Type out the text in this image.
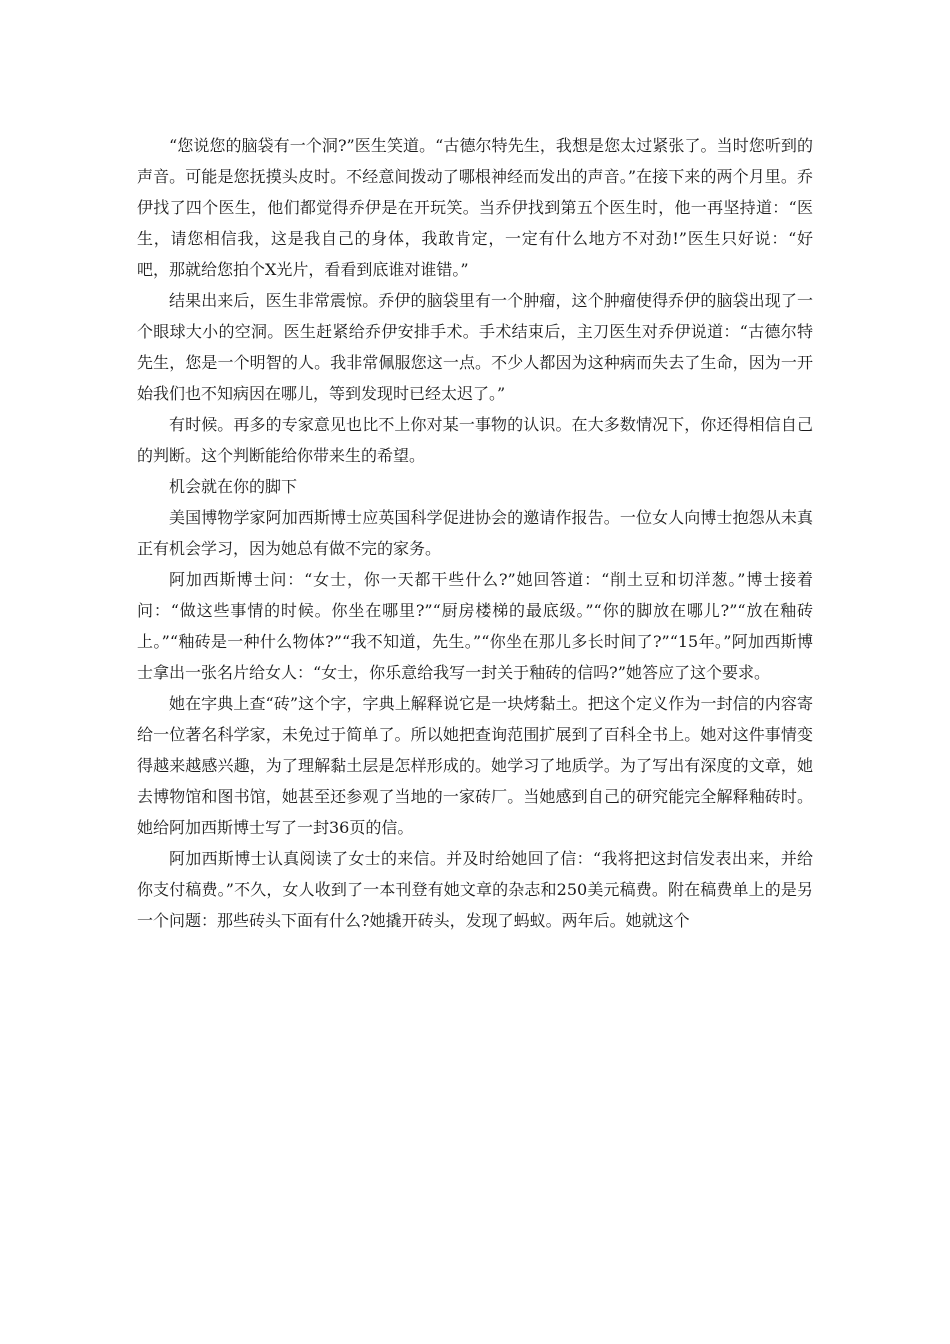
“您说您的脑袋有一个洞?”医生笑道。“古德尔特先生，我想是您太过紧张了。当时您听到的声音。可能是您抚摸头皮时。不经意间拨动了哪根神经而发出的声音。”在接下来的两个月里。乔伊找了四个医生，他们都觉得乔伊是在开玩笑。当乔伊找到第五个医生时，他一再坚持道：“医生，请您相信我，这是我自己的身体，我敢肯定，一定有什么地方不对劲!”医生只好说：“好吧，那就给您拍个X光片，看看到底谁对谁错。”

结果出来后，医生非常震惊。乔伊的脑袋里有一个肿瘤，这个肿瘤使得乔伊的脑袋出现了一个眼球大小的空洞。医生赶紧给乔伊安排手术。手术结束后，主刀医生对乔伊说道：“古德尔特先生，您是一个明智的人。我非常佩服您这一点。不少人都因为这种病而失去了生命，因为一开始我们也不知病因在哪儿，等到发现时已经太迟了。”

有时候。再多的专家意见也比不上你对某一事物的认识。在大多数情况下，你还得相信自己的判断。这个判断能给你带来生的希望。

机会就在你的脚下

美国博物学家阿加西斯博士应英国科学促进协会的邀请作报告。一位女人向博士抱怨从未真正有机会学习，因为她总有做不完的家务。

阿加西斯博士问：“女士，你一天都干些什么?”她回答道：“削土豆和切洋葱。”博士接着问：“做这些事情的时候。你坐在哪里?”“厨房楼梯的最底级。”“你的脚放在哪儿?”“放在釉砖上。”“釉砖是一种什么物体?”“我不知道，先生。”“你坐在那儿多长时间了?”“15年。”阿加西斯博士拿出一张名片给女人：“女士，你乐意给我写一封关于釉砖的信吗?”她答应了这个要求。

她在字典上查“砖”这个字，字典上解释说它是一块烤黏土。把这个定义作为一封信的内容寄给一位著名科学家，未免过于简单了。所以她把查询范围扩展到了百科全书上。她对这件事情变得越来越感兴趣，为了理解黏土层是怎样形成的。她学习了地质学。为了写出有深度的文章，她去博物馆和图书馆，她甚至还参观了当地的一家砖厂。当她感到自己的研究能完全解释釉砖时。她给阿加西斯博士写了一封36页的信。

阿加西斯博士认真阅读了女士的来信。并及时给她回了信：“我将把这封信发表出来，并给你支付稿费。”不久，女人收到了一本刊登有她文章的杂志和250美元稿费。附在稿费单上的是另一个问题：那些砖头下面有什么?她撬开砖头，发现了蚂蚁。两年后。她就这个
